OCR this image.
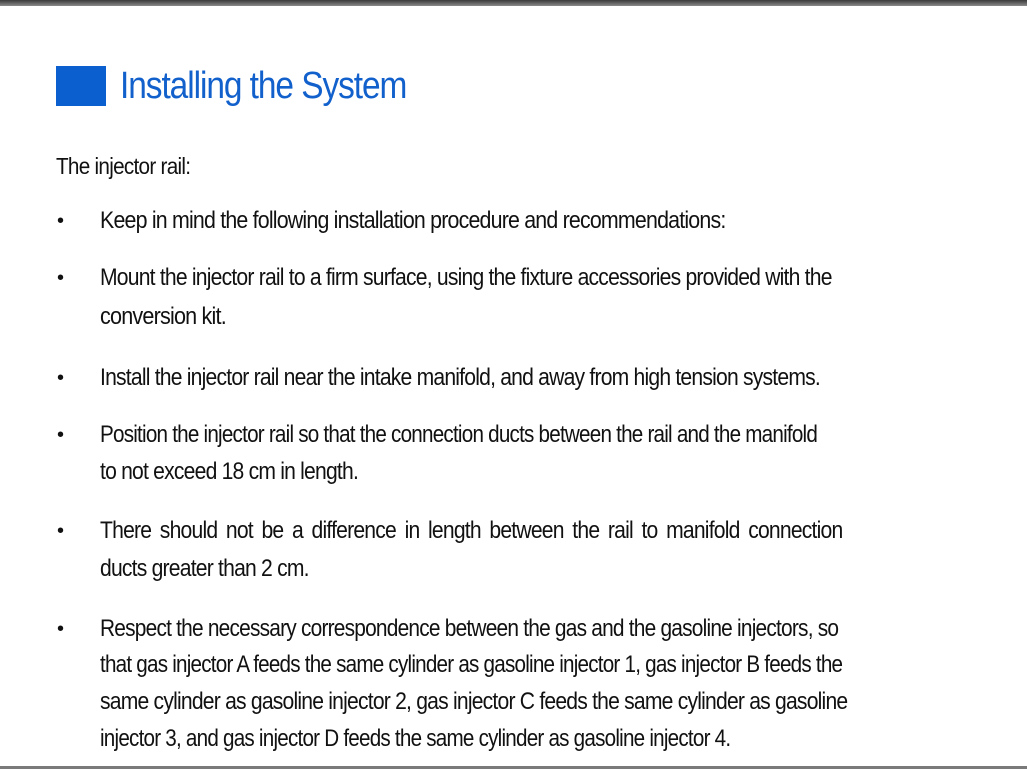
Installing the System
The injector rail:
• Keep in mind the following installation procedure and recommendations:
• Mount the injector rail to a firm surface, using the fixture accessories provided with the
conversion kit.
• Install the injector rail near the intake manifold, and away from high tension systems.
• Position the injector rail so that the connection ducts between the rail and the manifold
to not exceed 18 cm in length.
• There should not be a difference in length between the rail to manifold connection
ducts greater than 2 cm.
• Respect the necessary correspondence between the gas and the gasoline injectors, so
that gas injector A feeds the same cylinder as gasoline injector 1, gas injector B feeds the
same cylinder as gasoline injector 2, gas injector C feeds the same cylinder as gasoline
injector 3, and gas injector D feeds the same cylinder as gasoline injector 4.
